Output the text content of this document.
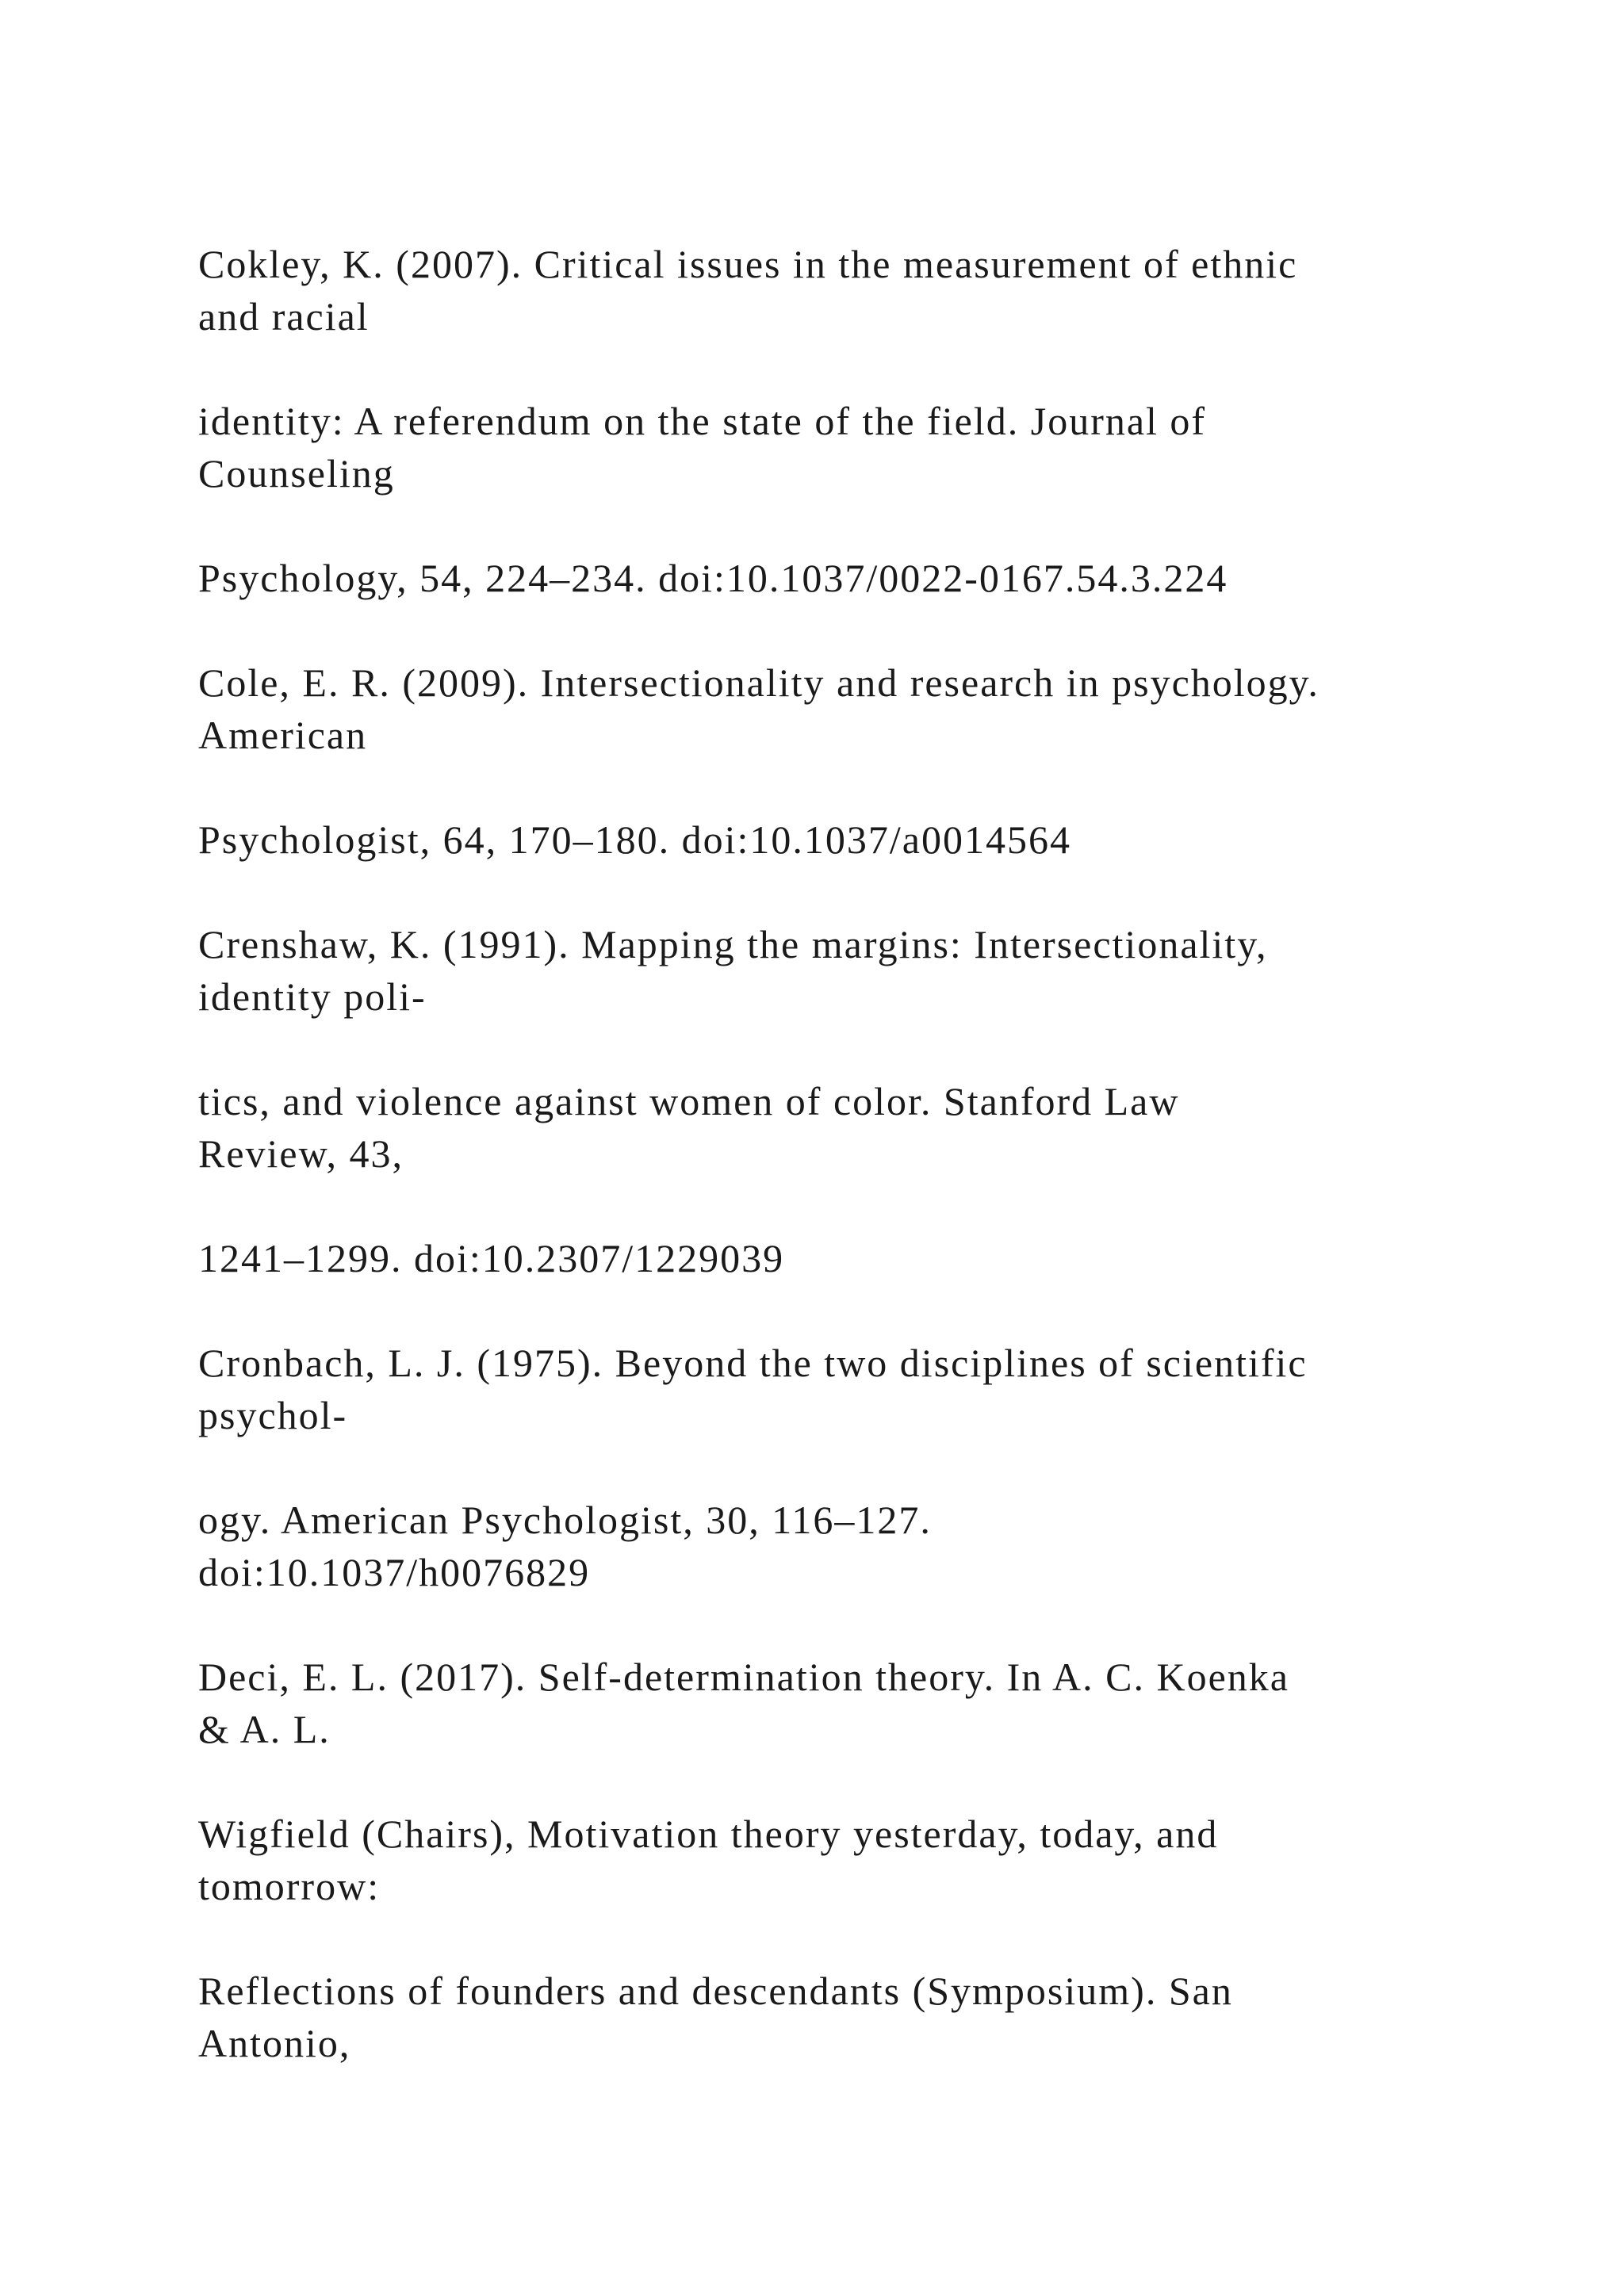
Cokley, K. (2007). Critical issues in the measurement of ethnic
and racial

identity: A referendum on the state of the field. Journal of
Counseling

Psychology, 54, 224–234. doi:10.1037/0022-0167.54.3.224

Cole, E. R. (2009). Intersectionality and research in psychology.
American

Psychologist, 64, 170–180. doi:10.1037/a0014564

Crenshaw, K. (1991). Mapping the margins: Intersectionality,
identity poli-

tics, and violence against women of color. Stanford Law
Review, 43,

1241–1299. doi:10.2307/1229039

Cronbach, L. J. (1975). Beyond the two disciplines of scientific
psychol-

ogy. American Psychologist, 30, 116–127.
doi:10.1037/h0076829

Deci, E. L. (2017). Self-determination theory. In A. C. Koenka
& A. L.

Wigfield (Chairs), Motivation theory yesterday, today, and
tomorrow:

Reflections of founders and descendants (Symposium). San
Antonio,
